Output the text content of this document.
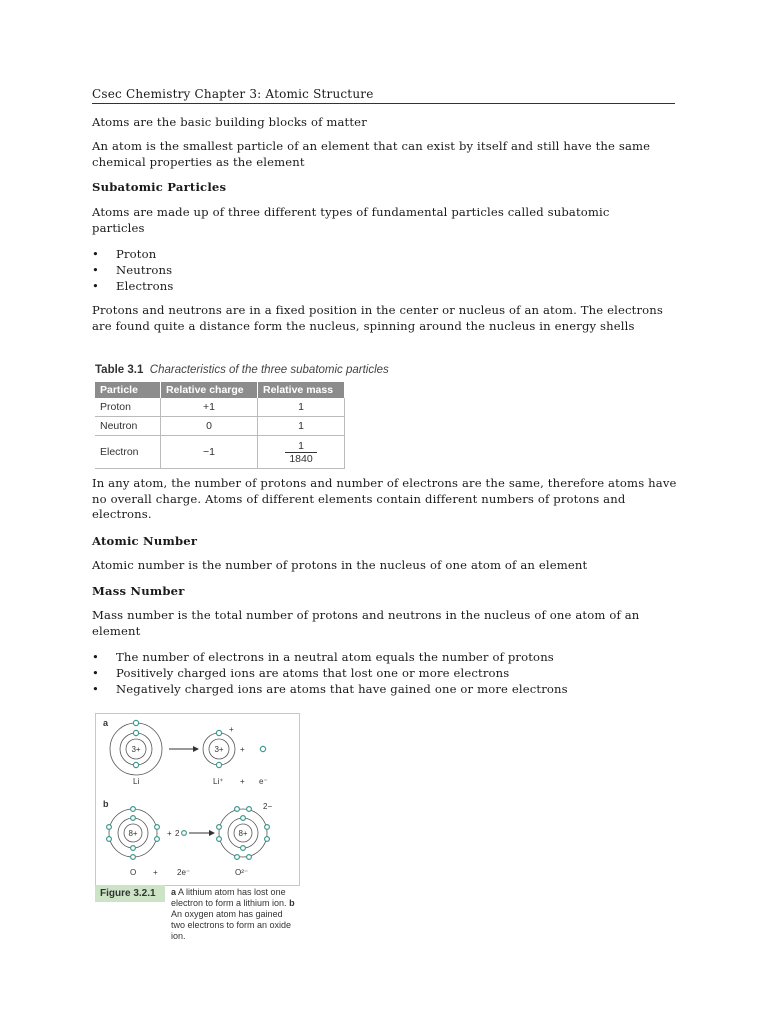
Csec Chemistry Chapter 3: Atomic Structure
Atoms are the basic building blocks of matter
An atom is the smallest particle of an element that can exist by itself and still have the same chemical properties as the element
Subatomic Particles
Atoms are made up of three different types of fundamental particles called subatomic particles
• Proton
• Neutrons
• Electrons
Protons and neutrons are in a fixed position in the center or nucleus of an atom. The electrons are found quite a distance form the nucleus, spinning around the nucleus in energy shells
Table 3.1 Characteristics of the three subatomic particles
Particle	Relative charge	Relative mass
Proton	+1	1
Neutron	0	1
Electron	−1	$\frac{1}{1840}$
In any atom, the number of protons and number of electrons are the same, therefore atoms have no overall charge. Atoms of different elements contain different numbers of protons and electrons.
Atomic Number
Atomic number is the number of protons in the nucleus of one atom of an element
Mass Number
Mass number is the total number of protons and neutrons in the nucleus of one atom of an element
• The number of electrons in a neutral atom equals the number of protons
• Positively charged ions are atoms that lost one or more electrons
• Negatively charged ions are atoms that have gained one or more electrons
a
3+
Li
3+
+
+
Li⁺ + e⁻
b
8+	+ 2	8+
2−
O + 2e⁻	O²⁻
Figure 3.2.1	a A lithium atom has lost one electron to form a lithium ion. b An oxygen atom has gained two electrons to form an oxide ion.
